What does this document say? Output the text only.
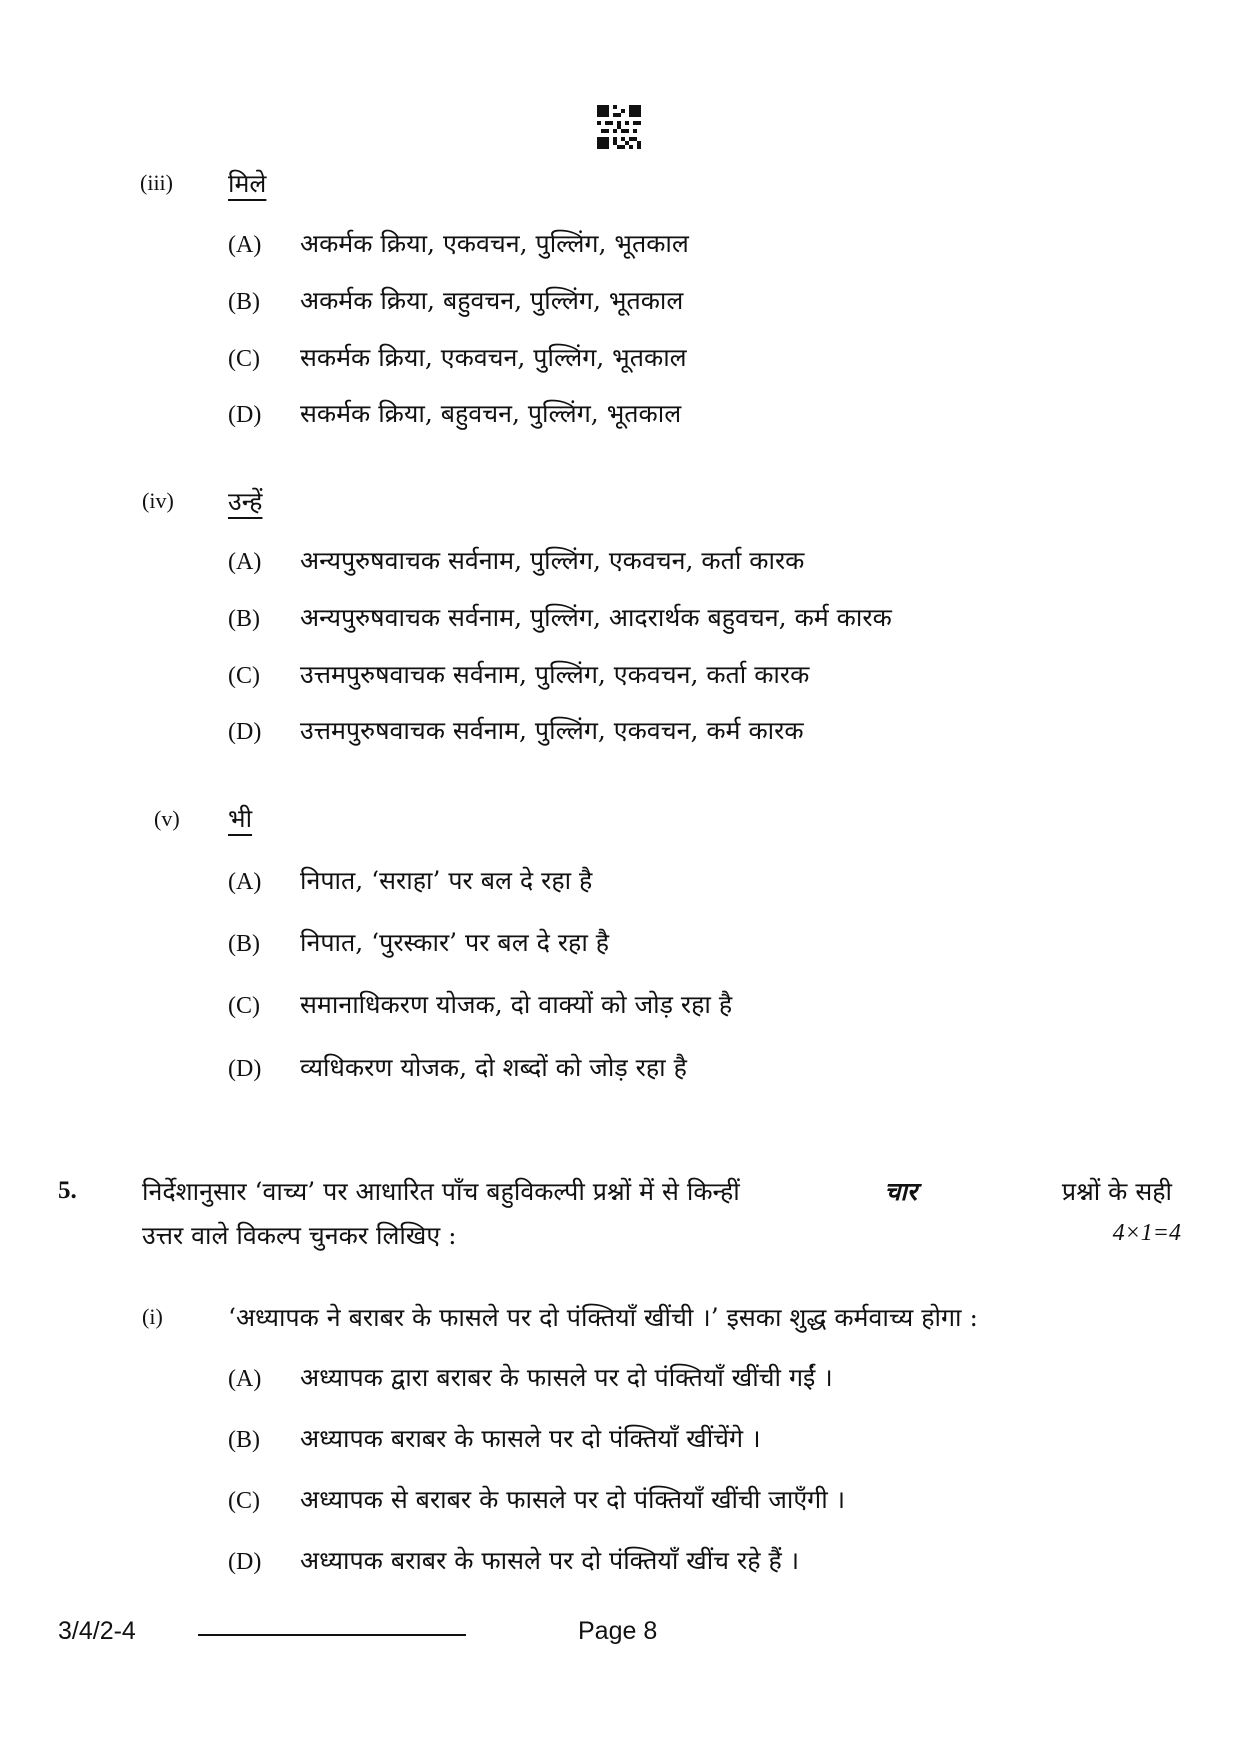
(iii) मिले
(A) अकर्मक क्रिया, एकवचन, पुल्लिंग, भूतकाल
(B) अकर्मक क्रिया, बहुवचन, पुल्लिंग, भूतकाल
(C) सकर्मक क्रिया, एकवचन, पुल्लिंग, भूतकाल
(D) सकर्मक क्रिया, बहुवचन, पुल्लिंग, भूतकाल
(iv) उन्हें
(A) अन्यपुरुषवाचक सर्वनाम, पुल्लिंग, एकवचन, कर्ता कारक
(B) अन्यपुरुषवाचक सर्वनाम, पुल्लिंग, आदरार्थक बहुवचन, कर्म कारक
(C) उत्तमपुरुषवाचक सर्वनाम, पुल्लिंग, एकवचन, कर्ता कारक
(D) उत्तमपुरुषवाचक सर्वनाम, पुल्लिंग, एकवचन, कर्म कारक
(v) भी
(A) निपात, ‘सराहा’ पर बल दे रहा है
(B) निपात, ‘पुरस्कार’ पर बल दे रहा है
(C) समानाधिकरण योजक, दो वाक्यों को जोड़ रहा है
(D) व्यधिकरण योजक, दो शब्दों को जोड़ रहा है
5.	निर्देशानुसार ‘वाच्य’ पर आधारित पाँच बहुविकल्पी प्रश्नों में से किन्हीं	चार	प्रश्नों के सही
उत्तर वाले विकल्प चुनकर लिखिए :	4×1=4
(i)	‘अध्यापक ने बराबर के फासले पर दो पंक्तियाँ खींची ।’ इसका शुद्ध कर्मवाच्य होगा :
(A) अध्यापक द्वारा बराबर के फासले पर दो पंक्तियाँ खींची गईं ।
(B) अध्यापक बराबर के फासले पर दो पंक्तियाँ खींचेंगे ।
(C) अध्यापक से बराबर के फासले पर दो पंक्तियाँ खींची जाएँगी ।
(D) अध्यापक बराबर के फासले पर दो पंक्तियाँ खींच रहे हैं ।
3/4/2-4	Page 8
